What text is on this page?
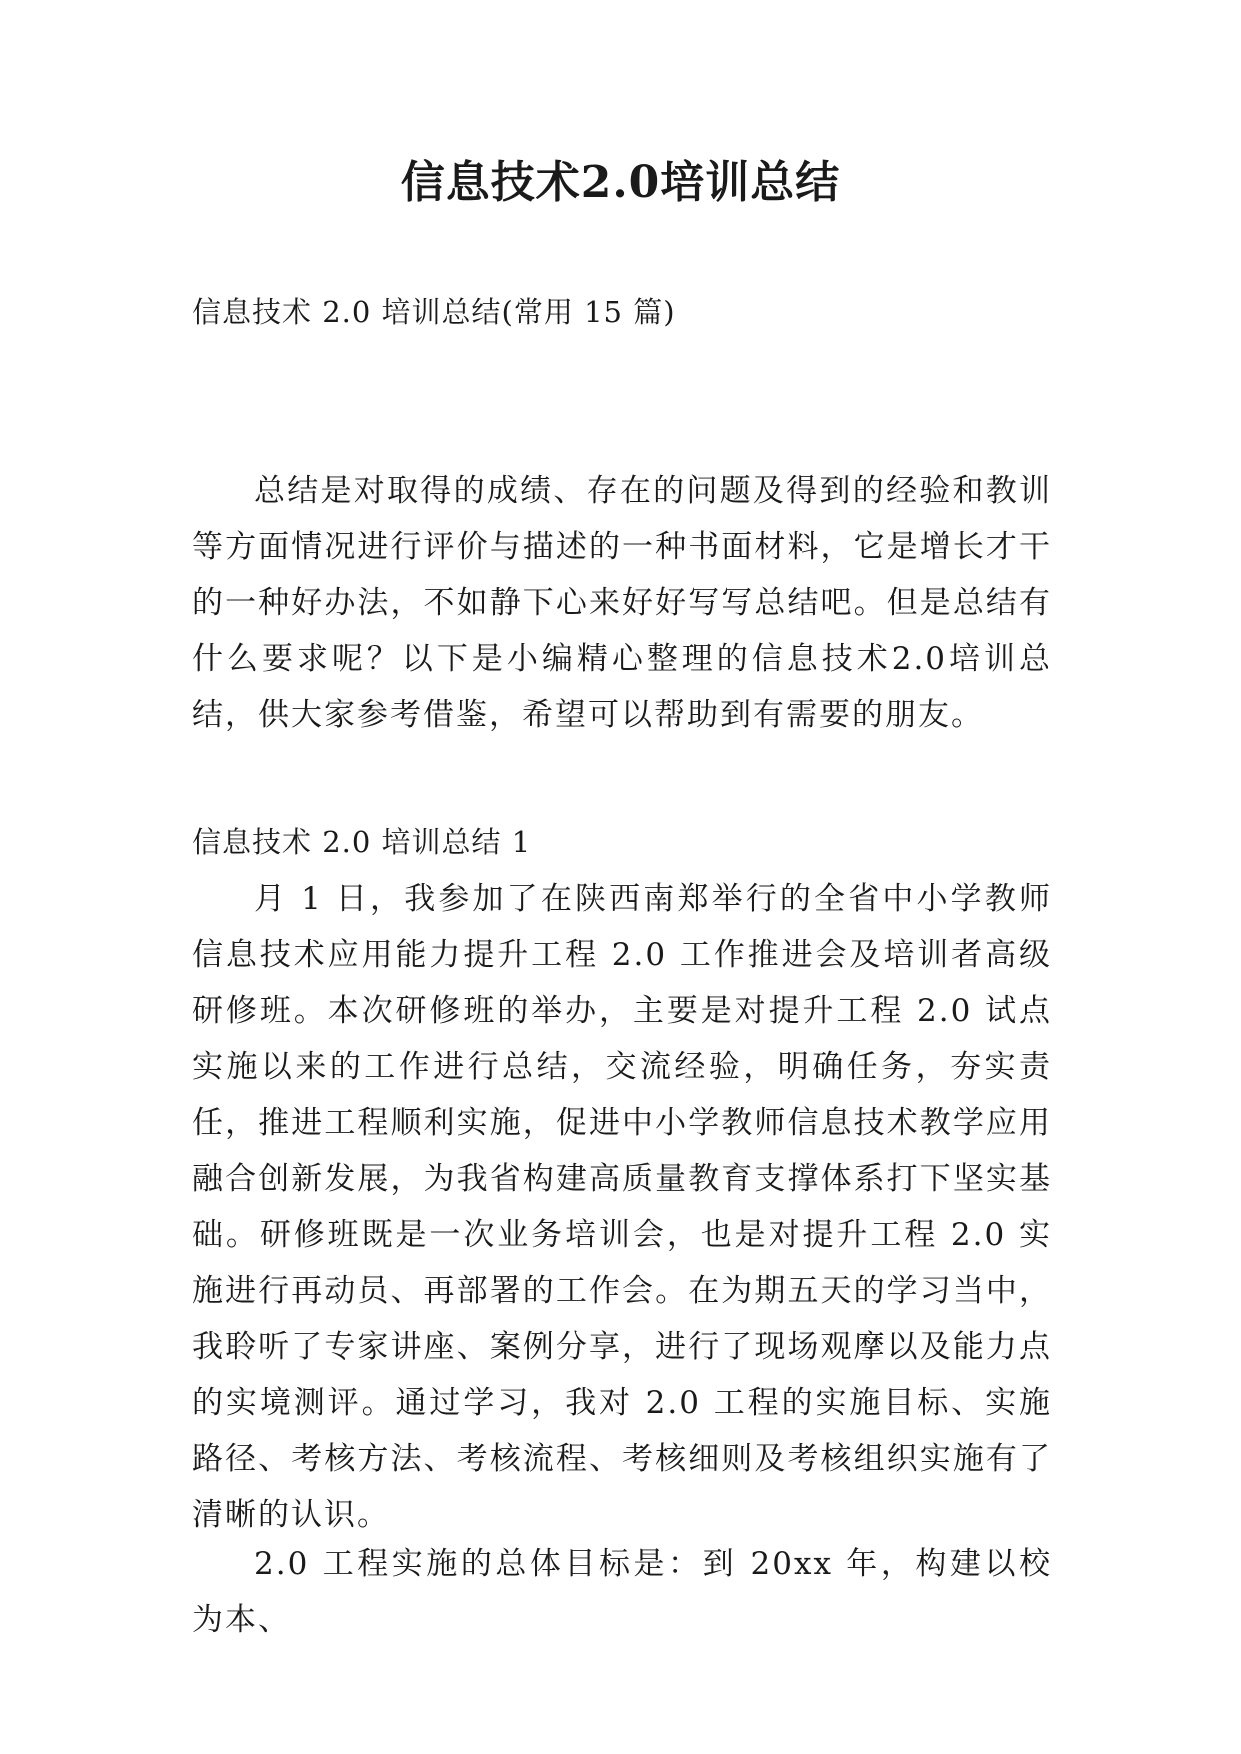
信息技术2.0培训总结

信息技术 2.0 培训总结(常用 15 篇)

总结是对取得的成绩、存在的问题及得到的经验和教训等方面情况进行评价与描述的一种书面材料，它是增长才干的一种好办法，不如静下心来好好写写总结吧。但是总结有什么要求呢？以下是小编精心整理的信息技术2.0培训总结，供大家参考借鉴，希望可以帮助到有需要的朋友。

信息技术 2.0 培训总结 1

月 1 日，我参加了在陕西南郑举行的全省中小学教师信息技术应用能力提升工程 2.0 工作推进会及培训者高级研修班。本次研修班的举办，主要是对提升工程 2.0 试点实施以来的工作进行总结，交流经验，明确任务，夯实责任，推进工程顺利实施，促进中小学教师信息技术教学应用融合创新发展，为我省构建高质量教育支撑体系打下坚实基础。研修班既是一次业务培训会，也是对提升工程 2.0 实施进行再动员、再部署的工作会。在为期五天的学习当中，我聆听了专家讲座、案例分享，进行了现场观摩以及能力点的实境测评。通过学习，我对 2.0 工程的实施目标、实施路径、考核方法、考核流程、考核细则及考核组织实施有了清晰的认识。

2.0 工程实施的总体目标是：到 20xx 年，构建以校为本、
